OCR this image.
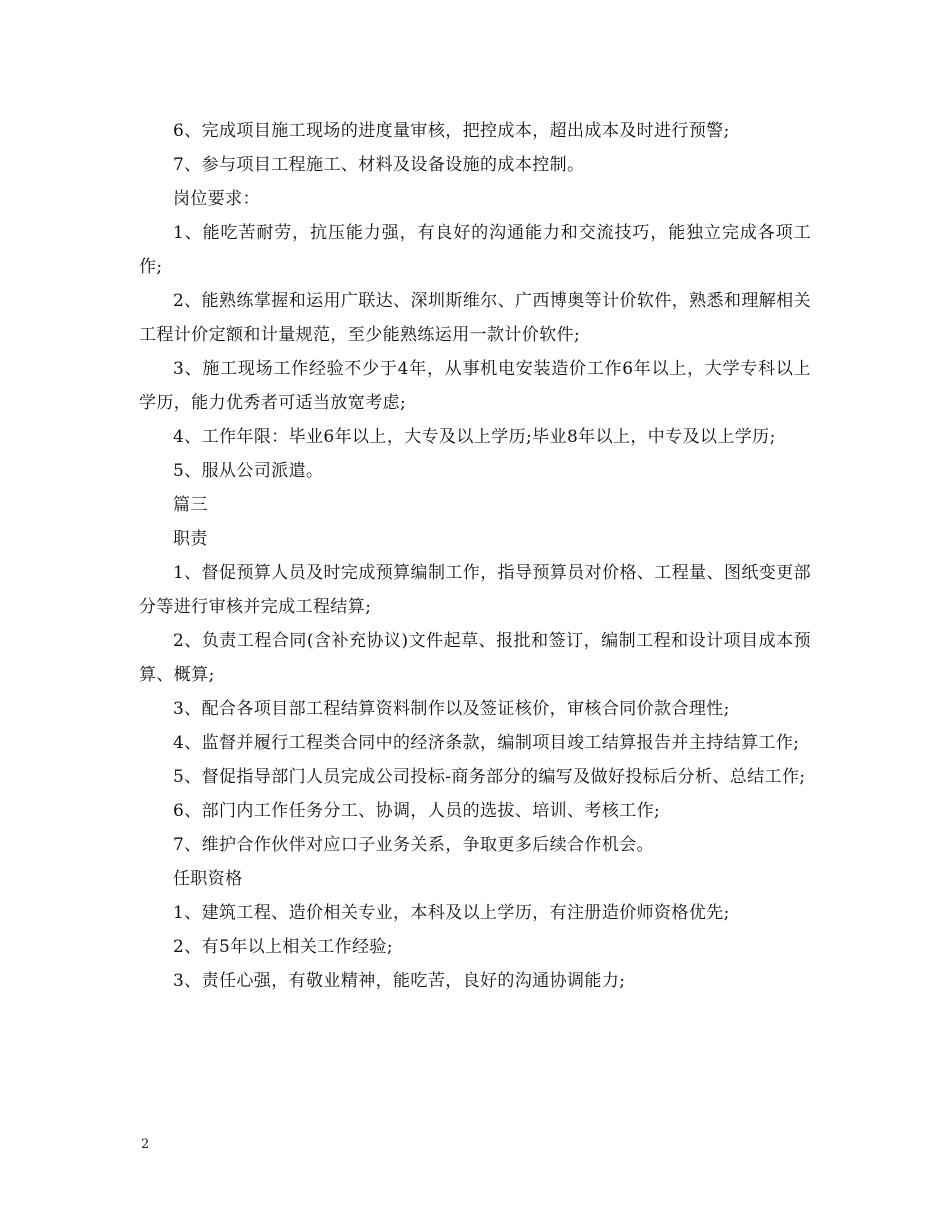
6、完成项目施工现场的进度量审核，把控成本，超出成本及时进行预警;

7、参与项目工程施工、材料及设备设施的成本控制。

岗位要求：

1、能吃苦耐劳，抗压能力强，有良好的沟通能力和交流技巧，能独立完成各项工作;

2、能熟练掌握和运用广联达、深圳斯维尔、广西博奥等计价软件，熟悉和理解相关工程计价定额和计量规范，至少能熟练运用一款计价软件;

3、施工现场工作经验不少于4年，从事机电安装造价工作6年以上，大学专科以上学历，能力优秀者可适当放宽考虑;

4、工作年限：毕业6年以上，大专及以上学历;毕业8年以上，中专及以上学历;

5、服从公司派遣。

篇三

职责

1、督促预算人员及时完成预算编制工作，指导预算员对价格、工程量、图纸变更部分等进行审核并完成工程结算;

2、负责工程合同(含补充协议)文件起草、报批和签订，编制工程和设计项目成本预算、概算;

3、配合各项目部工程结算资料制作以及签证核价，审核合同价款合理性;

4、监督并履行工程类合同中的经济条款，编制项目竣工结算报告并主持结算工作;

5、督促指导部门人员完成公司投标-商务部分的编写及做好投标后分析、总结工作;

6、部门内工作任务分工、协调，人员的选拔、培训、考核工作;

7、维护合作伙伴对应口子业务关系，争取更多后续合作机会。

任职资格

1、建筑工程、造价相关专业，本科及以上学历，有注册造价师资格优先;

2、有5年以上相关工作经验;

3、责任心强，有敬业精神，能吃苦，良好的沟通协调能力;

2
